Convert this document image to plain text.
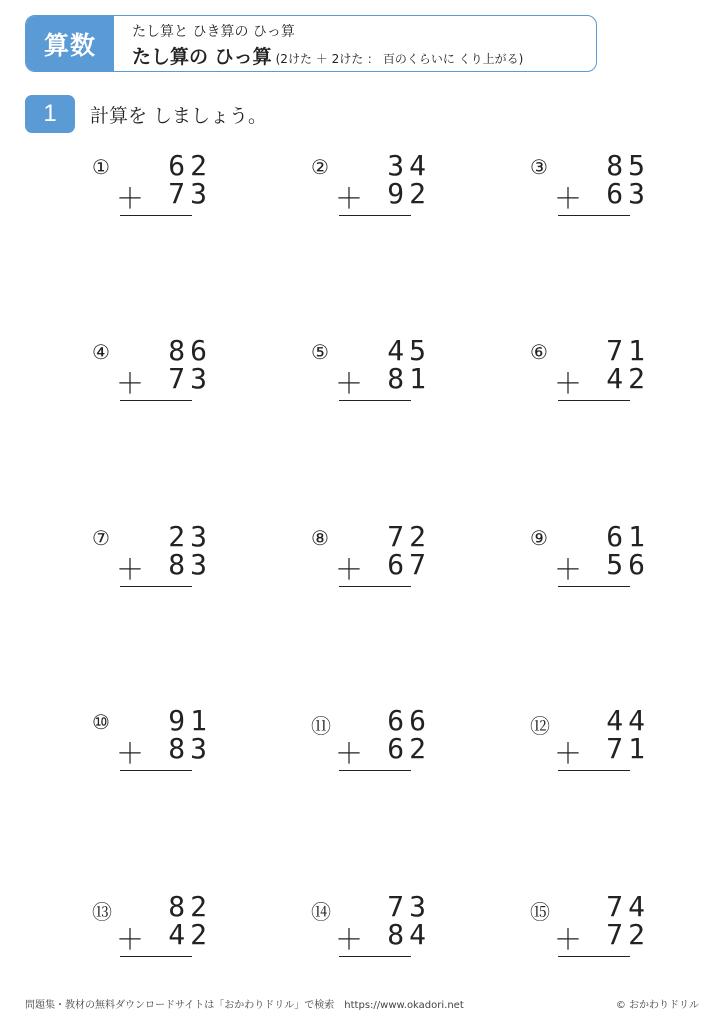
算数	たし算と ひき算の ひっ算
たし算の ひっ算 (2けた ＋ 2けた ： 百のくらいに くり上がる)
1	計算を しましょう。
①	62
＋ 73
②	34
＋ 92
③	85
＋ 63
④	86
＋ 73
⑤	45
＋ 81
⑥	71
＋ 42
⑦	23
＋ 83
⑧	72
＋ 67
⑨	61
＋ 56
⑩	91
＋ 83
⑪	66
＋ 62
⑫	44
＋ 71
⑬	82
＋ 42
⑭	73
＋ 84
⑮	74
＋ 72
問題集・教材の無料ダウンロードサイトは「おかわりドリル」で検索　https://www.okadori.net	© おかわりドリル
